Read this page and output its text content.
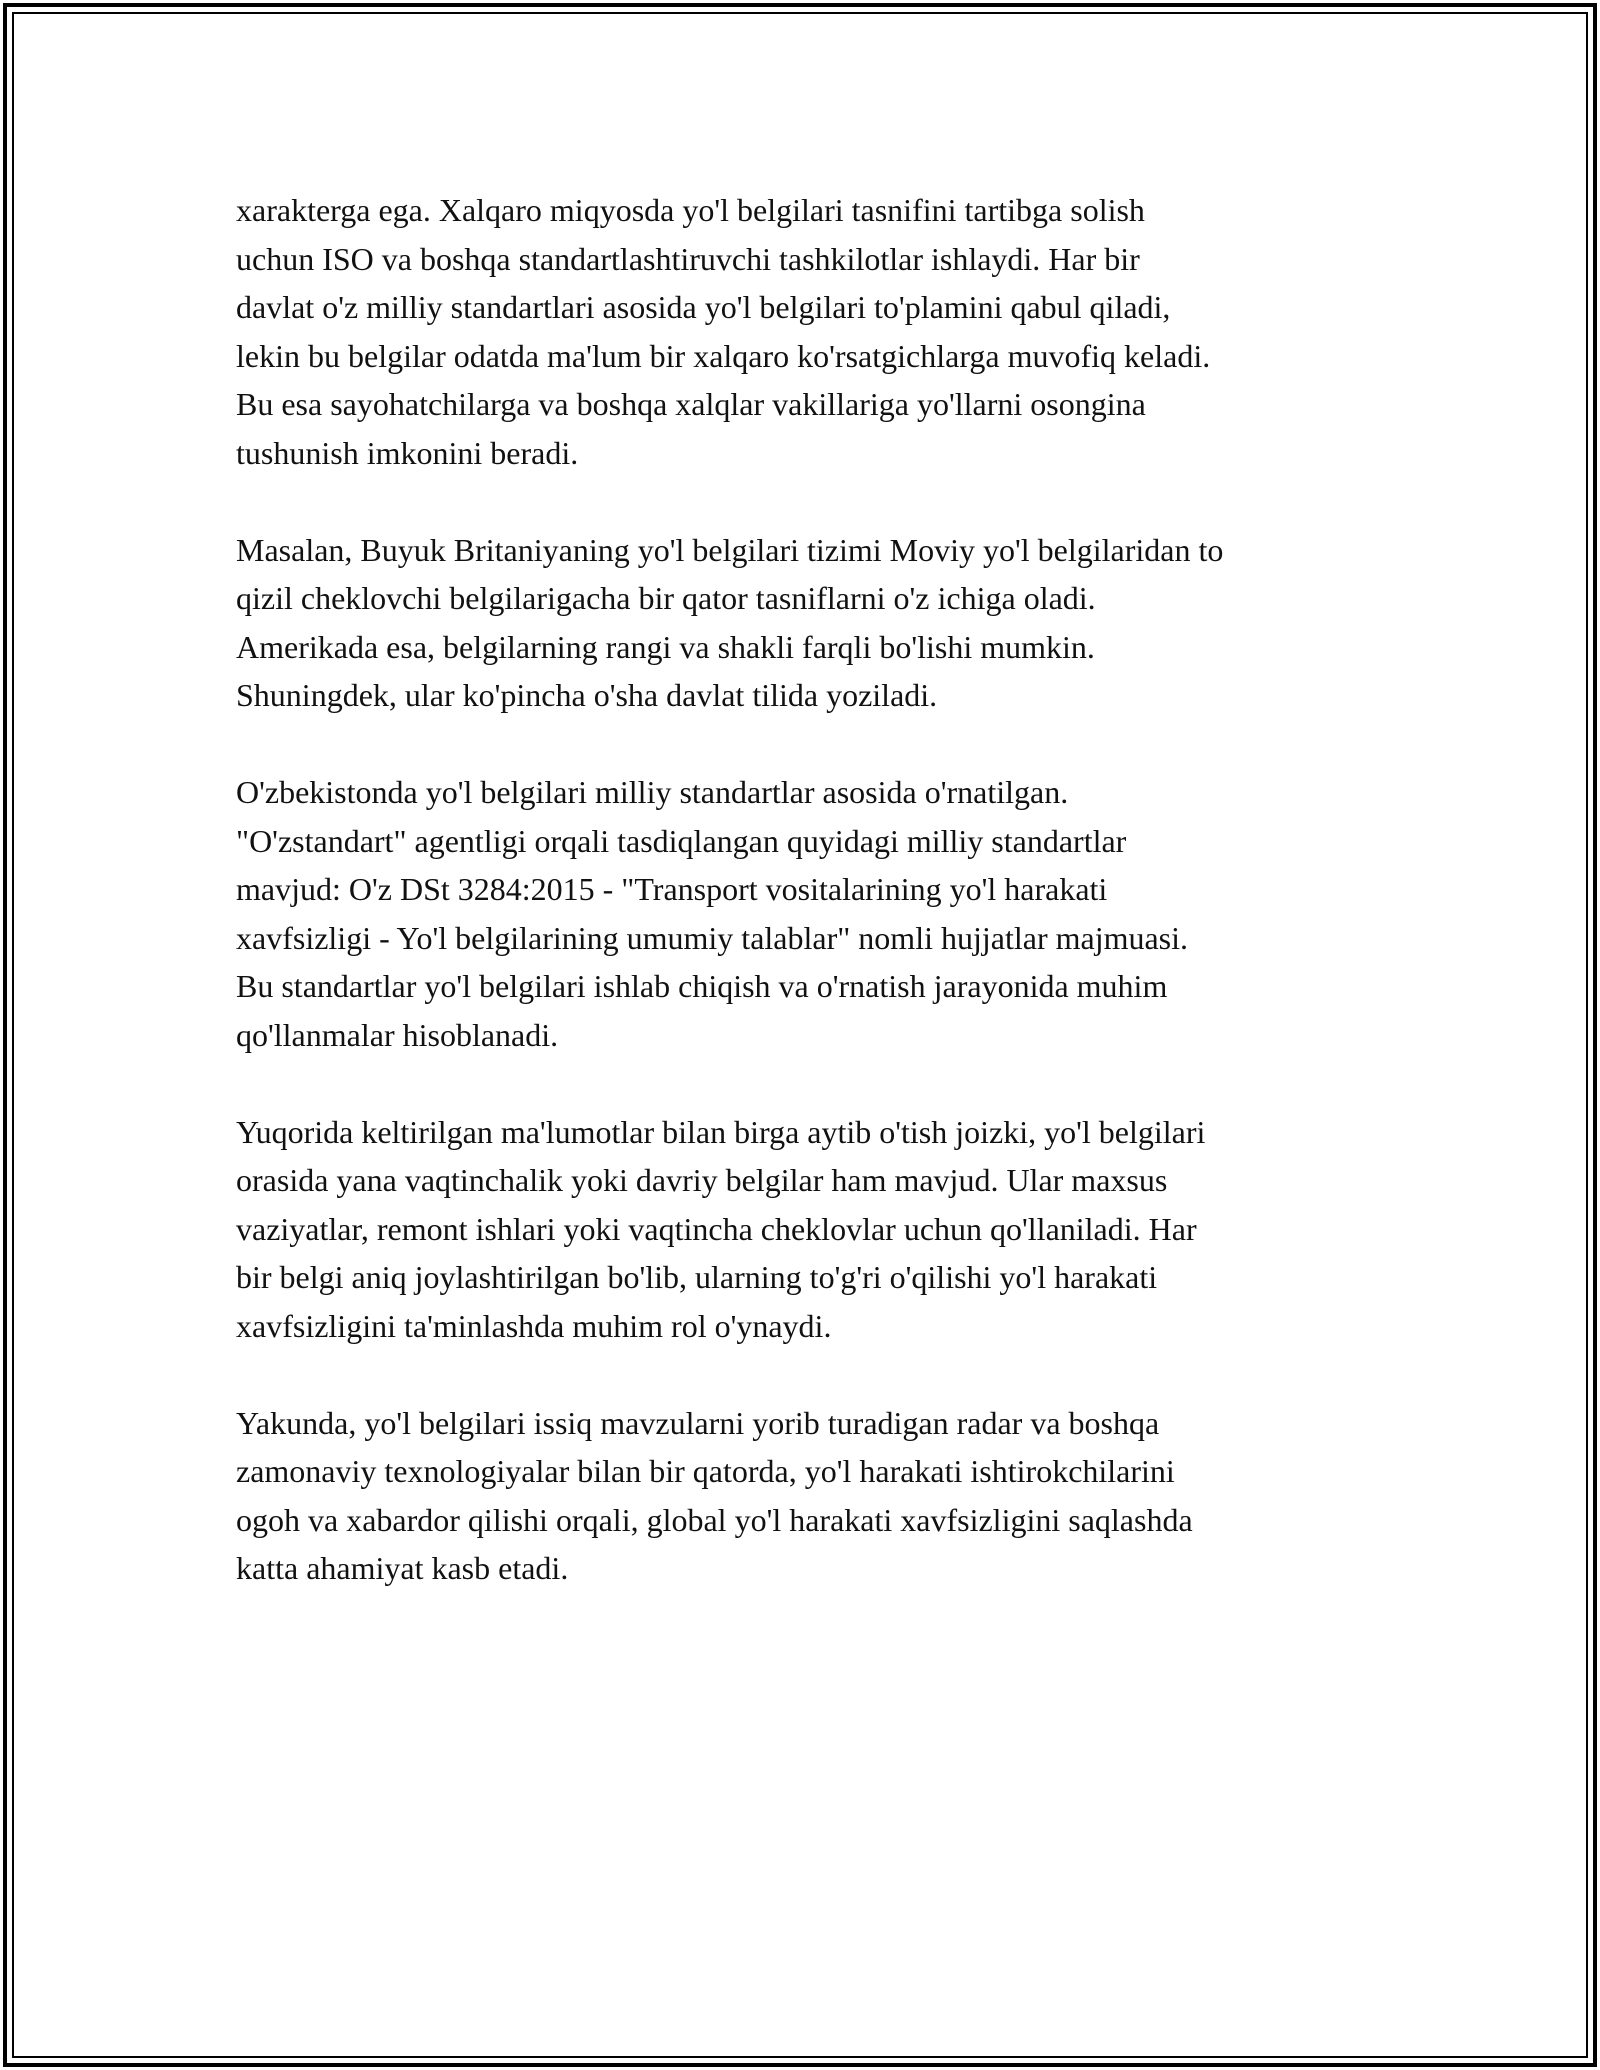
xarakterga ega. Xalqaro miqyosda yo'l belgilari tasnifini tartibga solish
uchun ISO va boshqa standartlashtiruvchi tashkilotlar ishlaydi. Har bir
davlat o'z milliy standartlari asosida yo'l belgilari to'plamini qabul qiladi,
lekin bu belgilar odatda ma'lum bir xalqaro ko'rsatgichlarga muvofiq keladi.
Bu esa sayohatchilarga va boshqa xalqlar vakillariga yo'llarni osongina
tushunish imkonini beradi.

Masalan, Buyuk Britaniyaning yo'l belgilari tizimi Moviy yo'l belgilaridan to
qizil cheklovchi belgilarigacha bir qator tasniflarni o'z ichiga oladi.
Amerikada esa, belgilarning rangi va shakli farqli bo'lishi mumkin.
Shuningdek, ular ko'pincha o'sha davlat tilida yoziladi.

O'zbekistonda yo'l belgilari milliy standartlar asosida o'rnatilgan.
"O'zstandart" agentligi orqali tasdiqlangan quyidagi milliy standartlar
mavjud: O'z DSt 3284:2015 - "Transport vositalarining yo'l harakati
xavfsizligi - Yo'l belgilarining umumiy talablar" nomli hujjatlar majmuasi.
Bu standartlar yo'l belgilari ishlab chiqish va o'rnatish jarayonida muhim
qo'llanmalar hisoblanadi.

Yuqorida keltirilgan ma'lumotlar bilan birga aytib o'tish joizki, yo'l belgilari
orasida yana vaqtinchalik yoki davriy belgilar ham mavjud. Ular maxsus
vaziyatlar, remont ishlari yoki vaqtincha cheklovlar uchun qo'llaniladi. Har
bir belgi aniq joylashtirilgan bo'lib, ularning to'g'ri o'qilishi yo'l harakati
xavfsizligini ta'minlashda muhim rol o'ynaydi.

Yakunda, yo'l belgilari issiq mavzularni yorib turadigan radar va boshqa
zamonaviy texnologiyalar bilan bir qatorda, yo'l harakati ishtirokchilarini
ogoh va xabardor qilishi orqali, global yo'l harakati xavfsizligini saqlashda
katta ahamiyat kasb etadi.
